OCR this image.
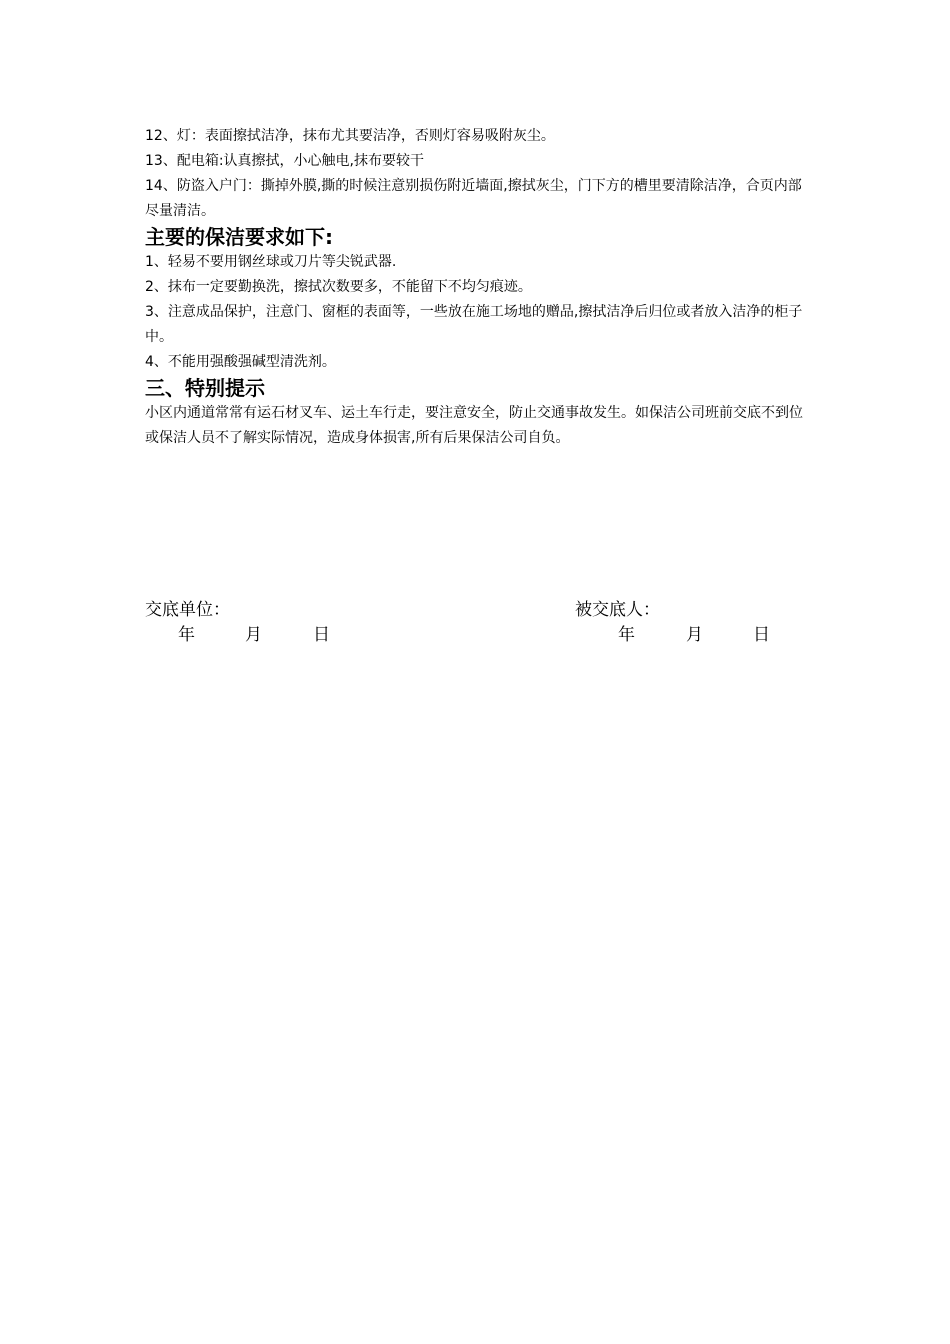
12、灯：表面擦拭洁净，抹布尤其要洁净，否则灯容易吸附灰尘。

13、配电箱:认真擦拭，小心触电,抹布要较干

14、防盗入户门：撕掉外膜,撕的时候注意别损伤附近墙面,擦拭灰尘，门下方的槽里要清除洁净，合页内部尽量清洁。

主要的保洁要求如下:

1、轻易不要用钢丝球或刀片等尖锐武器.

2、抹布一定要勤换洗，擦拭次数要多，不能留下不均匀痕迹。

3、注意成品保护，注意门、窗框的表面等，一些放在施工场地的赠品,擦拭洁净后归位或者放入洁净的柜子中。

4、不能用强酸强碱型清洗剂。

三、特别提示

小区内通道常常有运石材叉车、运土车行走，要注意安全，防止交通事故发生。如保洁公司班前交底不到位或保洁人员不了解实际情况，造成身体损害,所有后果保洁公司自负。

交底单位：	被交底人：
年	月	日	年	月	日
